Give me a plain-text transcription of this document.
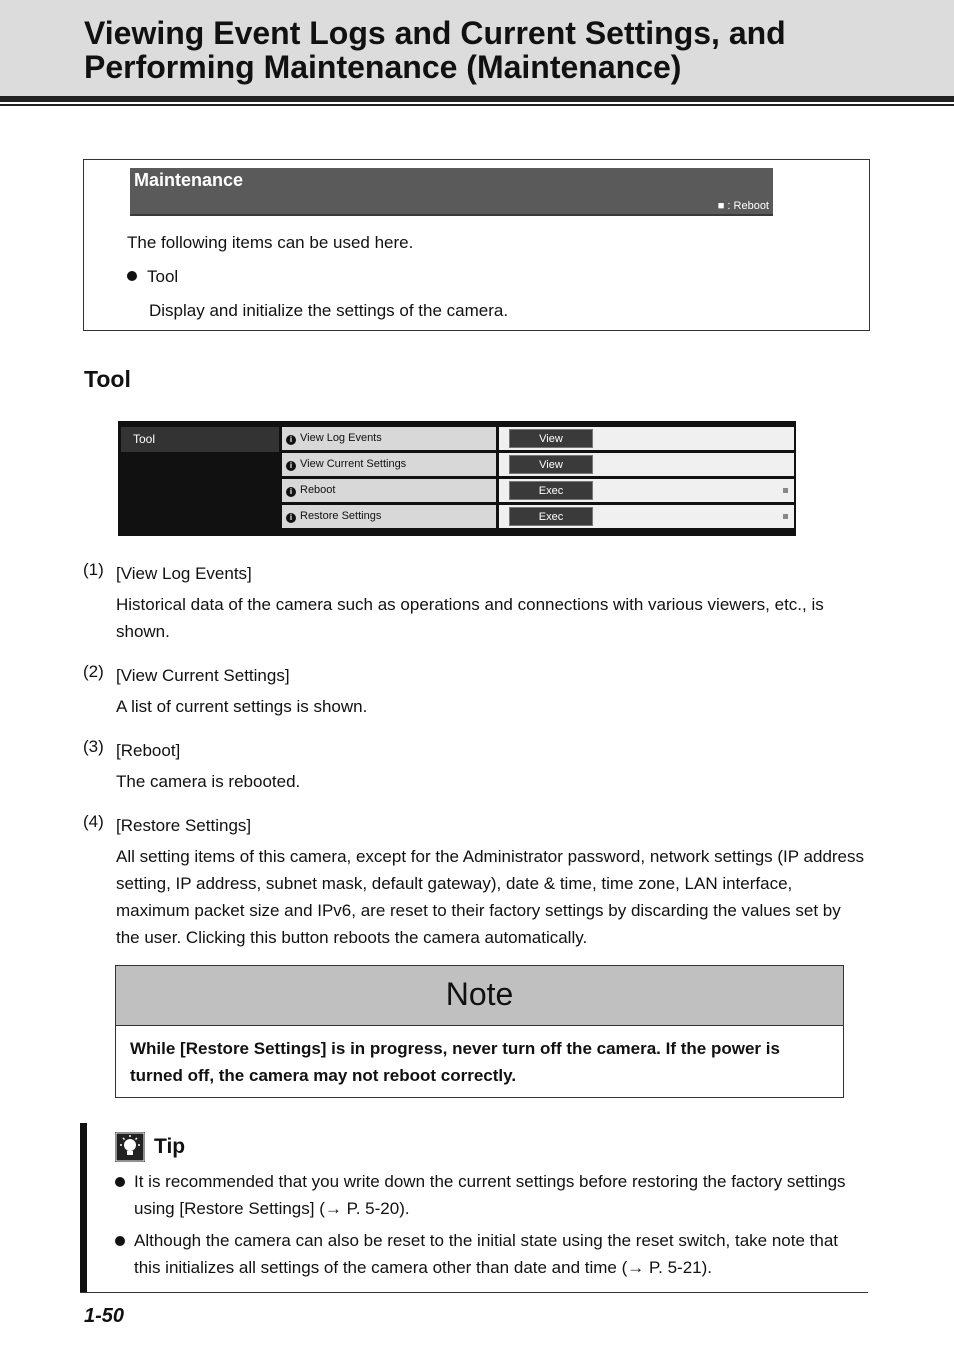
Viewing Event Logs and Current Settings, and
Performing Maintenance (Maintenance)
Maintenance
■ : Reboot
The following items can be used here.
Tool
Display and initialize the settings of the camera.
Tool
Tool	i View Log Events	View
i View Current Settings	View
i Reboot	Exec
i Restore Settings	Exec
(1) [View Log Events]
Historical data of the camera such as operations and connections with various viewers, etc., is shown.
(2) [View Current Settings]
A list of current settings is shown.
(3) [Reboot]
The camera is rebooted.
(4) [Restore Settings]
All setting items of this camera, except for the Administrator password, network settings (IP address setting, IP address, subnet mask, default gateway), date & time, time zone, LAN interface, maximum packet size and IPv6, are reset to their factory settings by discarding the values set by the user. Clicking this button reboots the camera automatically.
Note
While [Restore Settings] is in progress, never turn off the camera. If the power is turned off, the camera may not reboot correctly.
Tip
It is recommended that you write down the current settings before restoring the factory settings using [Restore Settings] (→ P. 5-20).
Although the camera can also be reset to the initial state using the reset switch, take note that this initializes all settings of the camera other than date and time (→ P. 5-21).
1-50
